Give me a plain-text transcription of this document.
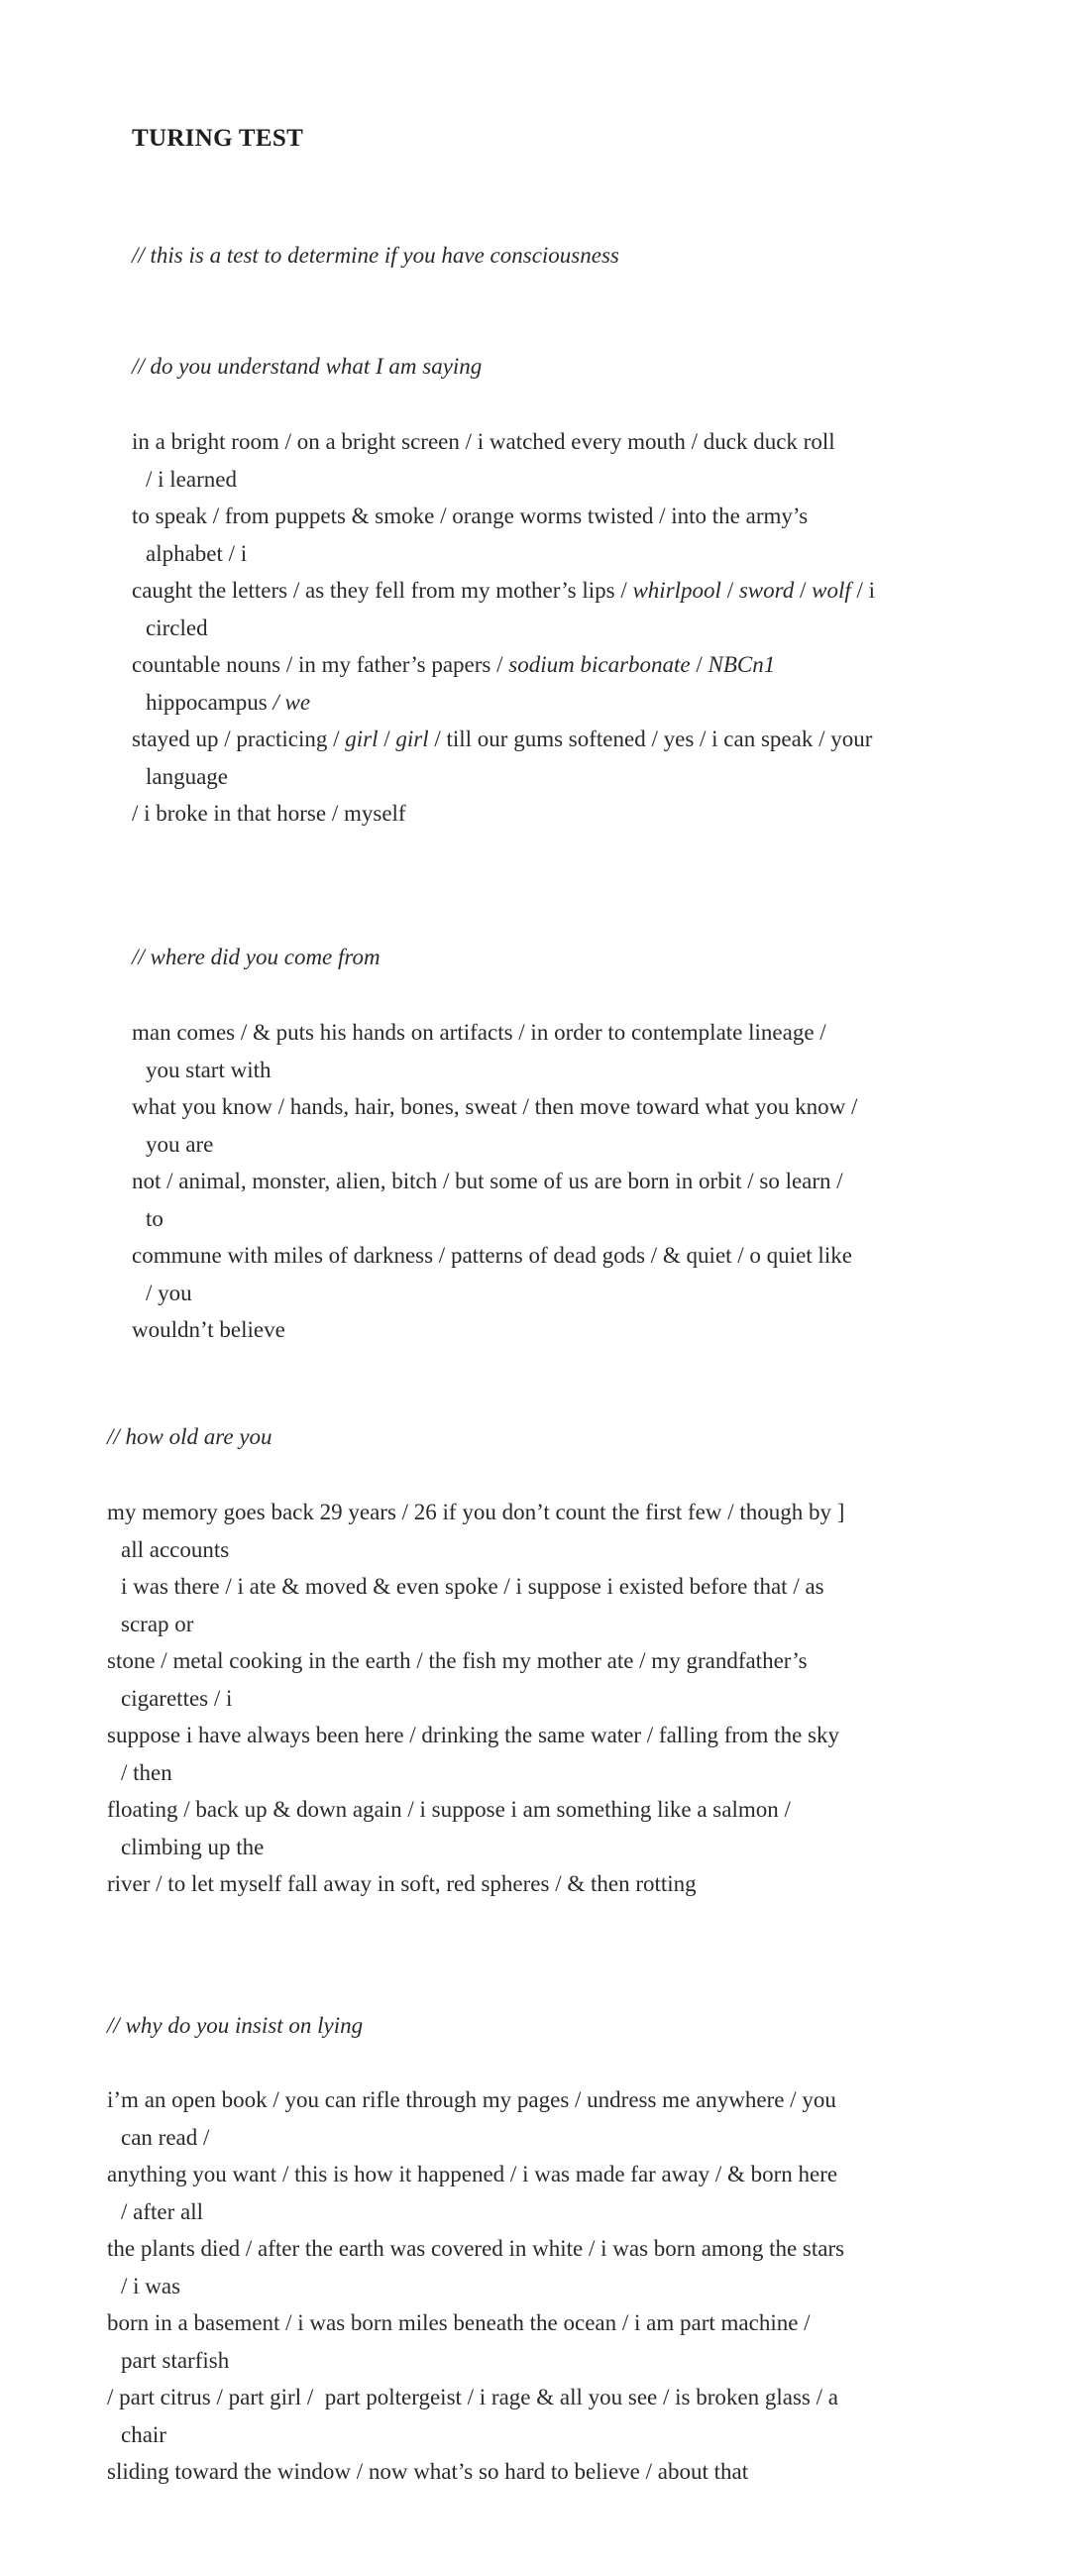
TURING TEST
// this is a test to determine if you have consciousness
// do you understand what I am saying
in a bright room / on a bright screen / i watched every mouth / duck duck roll
/ i learned
to speak / from puppets & smoke / orange worms twisted / into the army’s
alphabet / i
caught the letters / as they fell from my mother’s lips / whirlpool / sword / wolf / i
circled
countable nouns / in my father’s papers / sodium bicarbonate / NBCn1
hippocampus / we
stayed up / practicing / girl / girl / till our gums softened / yes / i can speak / your
language
/ i broke in that horse / myself
// where did you come from
man comes / & puts his hands on artifacts / in order to contemplate lineage /
you start with
what you know / hands, hair, bones, sweat / then move toward what you know /
you are
not / animal, monster, alien, bitch / but some of us are born in orbit / so learn /
to
commune with miles of darkness / patterns of dead gods / & quiet / o quiet like
/ you
wouldn’t believe
// how old are you
my memory goes back 29 years / 26 if you don’t count the first few / though by ]
all accounts
i was there / i ate & moved & even spoke / i suppose i existed before that / as
scrap or
stone / metal cooking in the earth / the fish my mother ate / my grandfather’s
cigarettes / i
suppose i have always been here / drinking the same water / falling from the sky
/ then
floating / back up & down again / i suppose i am something like a salmon /
climbing up the
river / to let myself fall away in soft, red spheres / & then rotting
// why do you insist on lying
i’m an open book / you can rifle through my pages / undress me anywhere / you
can read /
anything you want / this is how it happened / i was made far away / & born here
/ after all
the plants died / after the earth was covered in white / i was born among the stars
/ i was
born in a basement / i was born miles beneath the ocean / i am part machine /
part starfish
/ part citrus / part girl /  part poltergeist / i rage & all you see / is broken glass / a
chair
sliding toward the window / now what’s so hard to believe / about that
